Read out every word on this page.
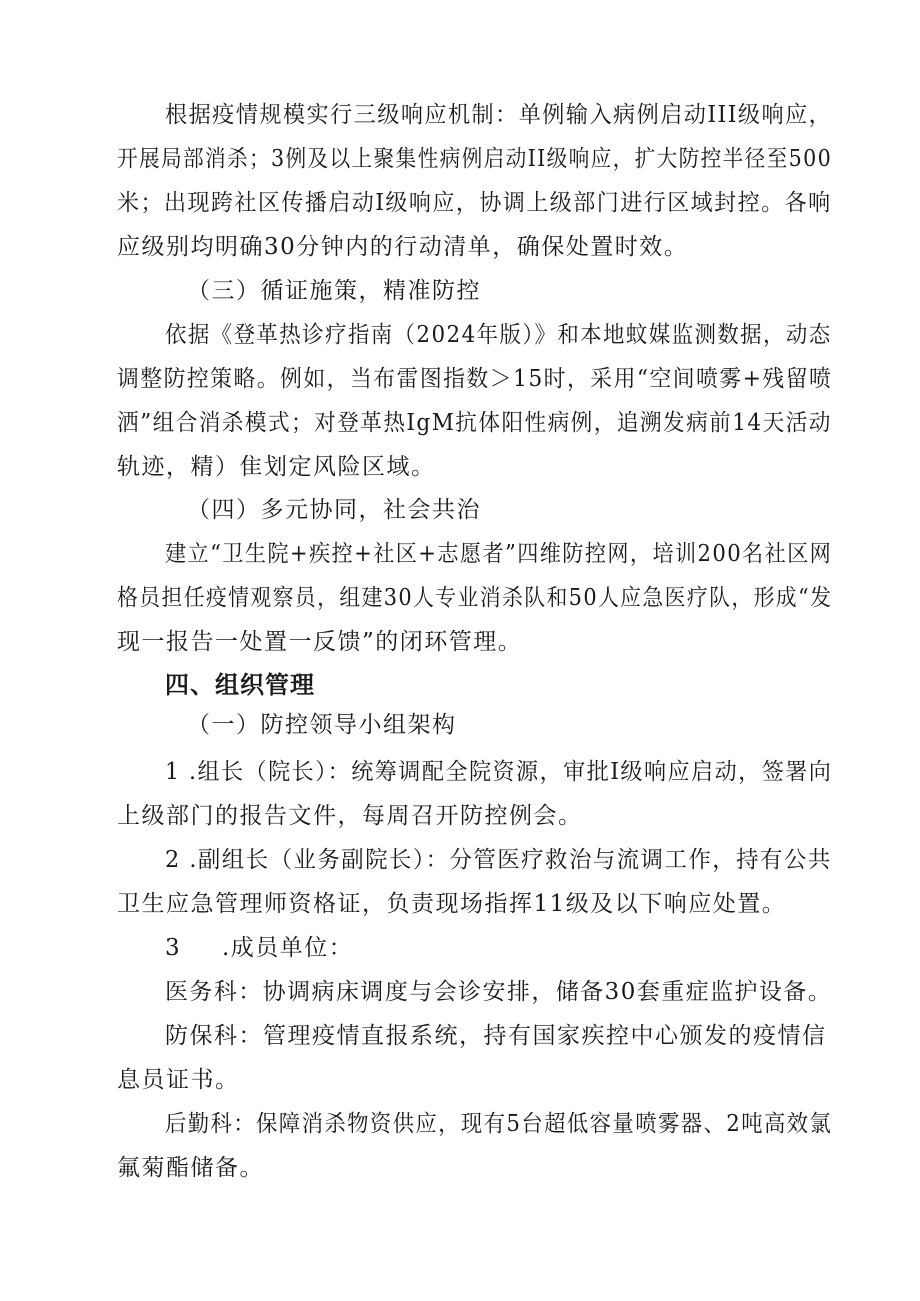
根据疫情规模实行三级响应机制：单例输入病例启动III级响应，
开展局部消杀；3例及以上聚集性病例启动II级响应，扩大防控半径至500
米；出现跨社区传播启动I级响应，协调上级部门进行区域封控。各响
应级别均明确30分钟内的行动清单，确保处置时效。
（三）循证施策，精准防控
依据《登革热诊疗指南（2024年版）》和本地蚊媒监测数据，动态
调整防控策略。例如，当布雷图指数＞15时，采用“空间喷雾+残留喷
洒”组合消杀模式；对登革热IgM抗体阳性病例，追溯发病前14天活动
轨迹，精）隹划定风险区域。
（四）多元协同，社会共治
建立“卫生院+疾控+社区+志愿者”四维防控网，培训200名社区网
格员担任疫情观察员，组建30人专业消杀队和50人应急医疗队，形成“发
现一报告一处置一反馈”的闭环管理。
四、组织管理
（一）防控领导小组架构
1 .组长（院长）：统筹调配全院资源，审批I级响应启动，签署向
上级部门的报告文件，每周召开防控例会。
2 .副组长（业务副院长）：分管医疗救治与流调工作，持有公共
卫生应急管理师资格证，负责现场指挥11级及以下响应处置。
3 .成员单位：
医务科：协调病床调度与会诊安排，储备30套重症监护设备。
防保科：管理疫情直报系统，持有国家疾控中心颁发的疫情信
息员证书。
后勤科：保障消杀物资供应，现有5台超低容量喷雾器、2吨高效氯
氟菊酯储备。
